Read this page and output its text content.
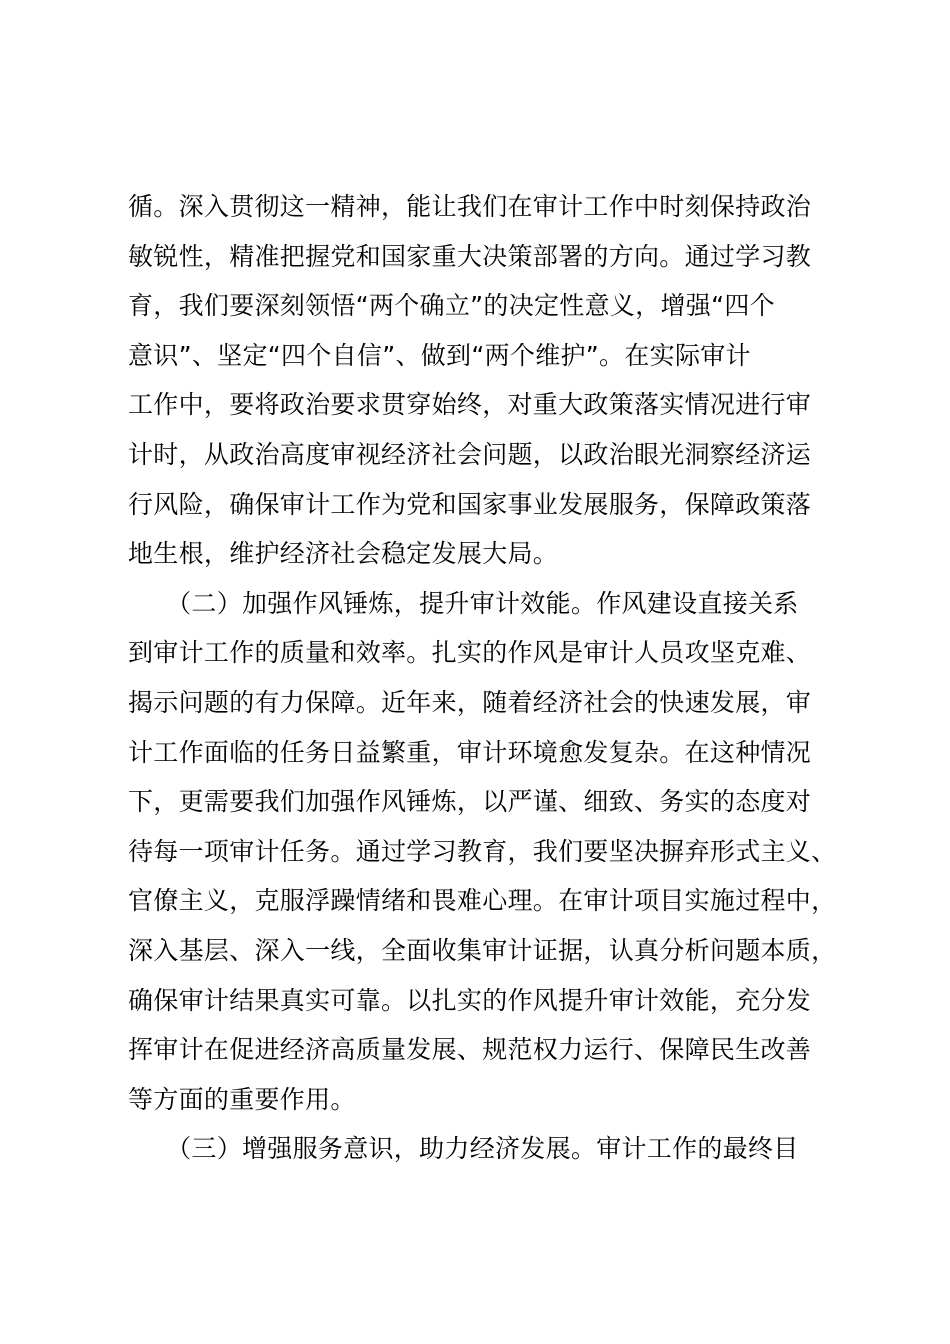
循。深入贯彻这一精神，能让我们在审计工作中时刻保持政治
敏锐性，精准把握党和国家重大决策部署的方向。通过学习教
育，我们要深刻领悟“两个确立”的决定性意义，增强“四个
意识”、坚定“四个自信”、做到“两个维护”。在实际审计
工作中，要将政治要求贯穿始终，对重大政策落实情况进行审
计时，从政治高度审视经济社会问题，以政治眼光洞察经济运
行风险，确保审计工作为党和国家事业发展服务，保障政策落
地生根，维护经济社会稳定发展大局。
　　（二）加强作风锤炼，提升审计效能。作风建设直接关系
到审计工作的质量和效率。扎实的作风是审计人员攻坚克难、
揭示问题的有力保障。近年来，随着经济社会的快速发展，审
计工作面临的任务日益繁重，审计环境愈发复杂。在这种情况
下，更需要我们加强作风锤炼，以严谨、细致、务实的态度对
待每一项审计任务。通过学习教育，我们要坚决摒弃形式主义、
官僚主义，克服浮躁情绪和畏难心理。在审计项目实施过程中，
深入基层、深入一线，全面收集审计证据，认真分析问题本质，
确保审计结果真实可靠。以扎实的作风提升审计效能，充分发
挥审计在促进经济高质量发展、规范权力运行、保障民生改善
等方面的重要作用。
　　（三）增强服务意识，助力经济发展。审计工作的最终目
